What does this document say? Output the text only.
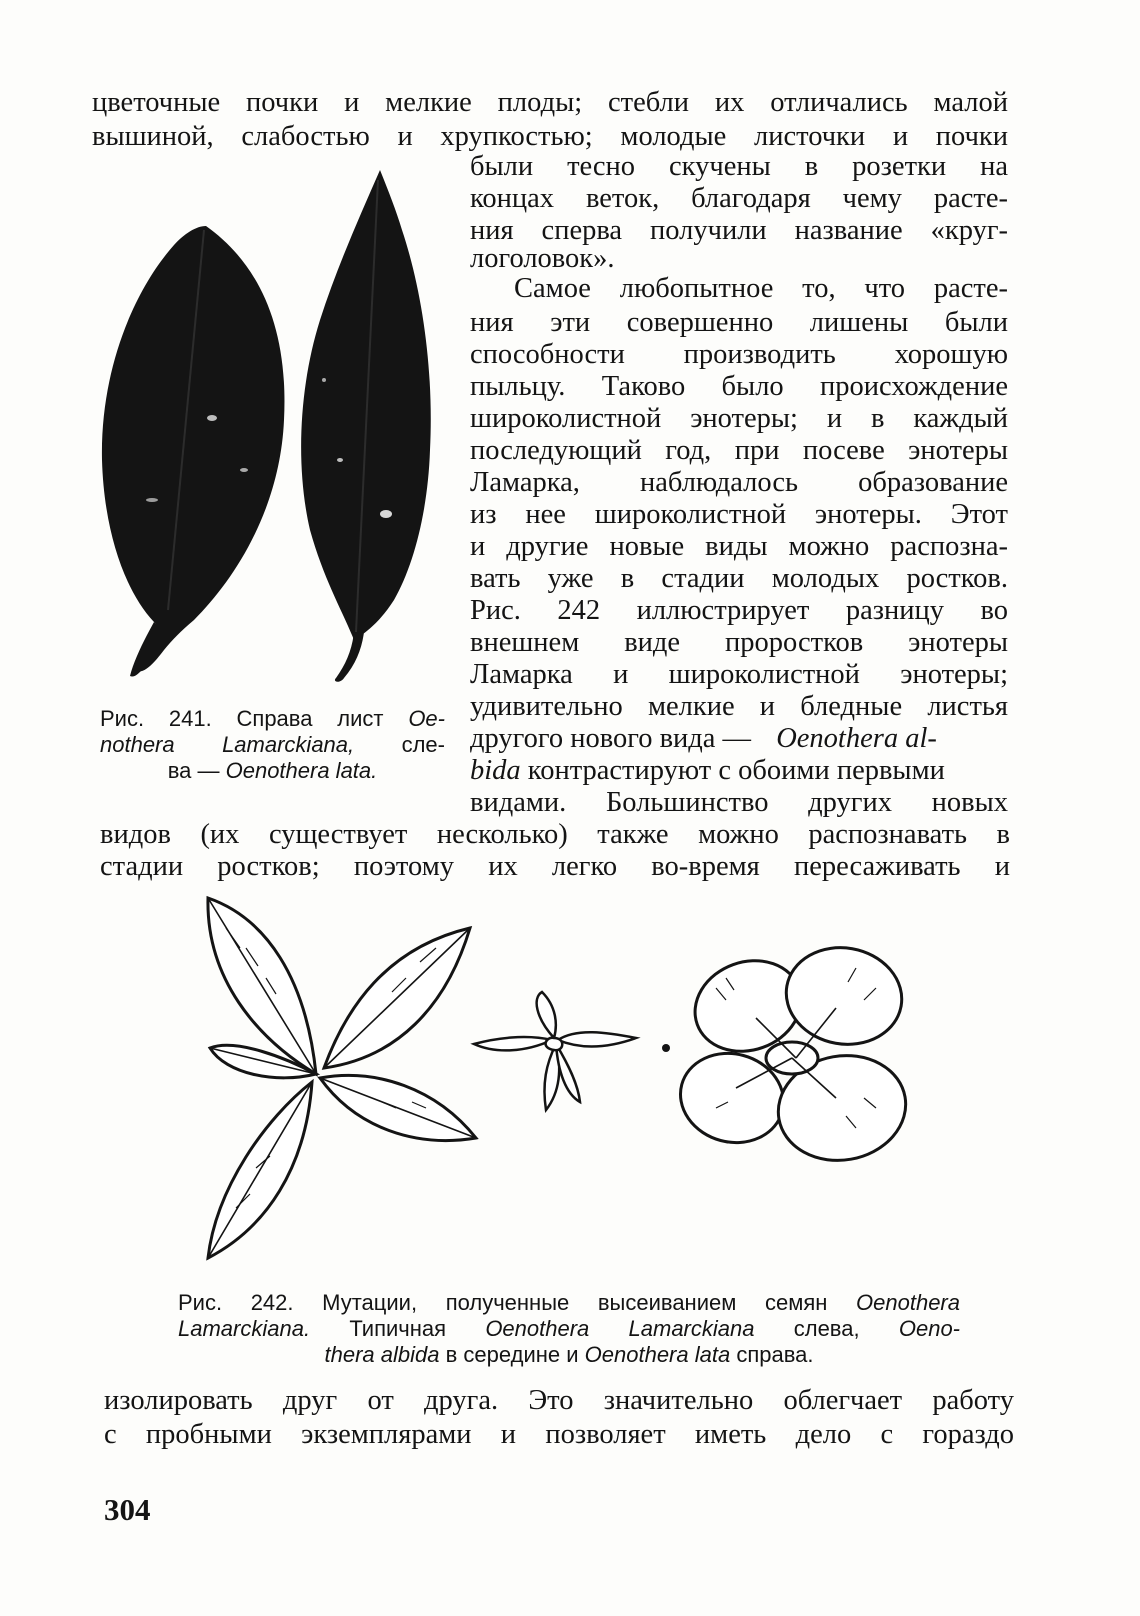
цветочные почки и мелкие плоды; стебли их отличались малой
вышиной, слабостью и хрупкостью; молодые листочки и почки
были тесно скучены в розетки на
концах веток, благодаря чему расте-
ния сперва получили название «круг-
логоловок».
Самое любопытное то, что расте-
ния эти совершенно лишены были
способности производить хорошую
пыльцу. Таково было происхождение
широколистной энотеры; и в каждый
последующий год, при посеве энотеры
Ламарка, наблюдалось образование
из нее широколистной энотеры. Этот
и другие новые виды можно распозна-
вать уже в стадии молодых ростков.
Рис. 242 иллюстрирует разницу во
внешнем виде проростков энотеры
Ламарка и широколистной энотеры;
удивительно мелкие и бледные листья
другого нового вида — Oenothera al-
bida контрастируют с обоими первыми
видами. Большинство других новых
видов (их существует несколько) также можно распознавать в
стадии ростков; поэтому их легко во-время пересаживать и
Рис. 241. Справа лист Oe-
nothera Lamarckiana, сле-
ва — Oenothera lata.
Рис. 242. Мутации, полученные высеиванием семян Oenothera
Lamarckiana. Типичная Oenothera Lamarckiana слева, Oeno-
thera albida в середине и Oenothera lata справа.
изолировать друг от друга. Это значительно облегчает работу
с пробными экземплярами и позволяет иметь дело с гораздо
304
